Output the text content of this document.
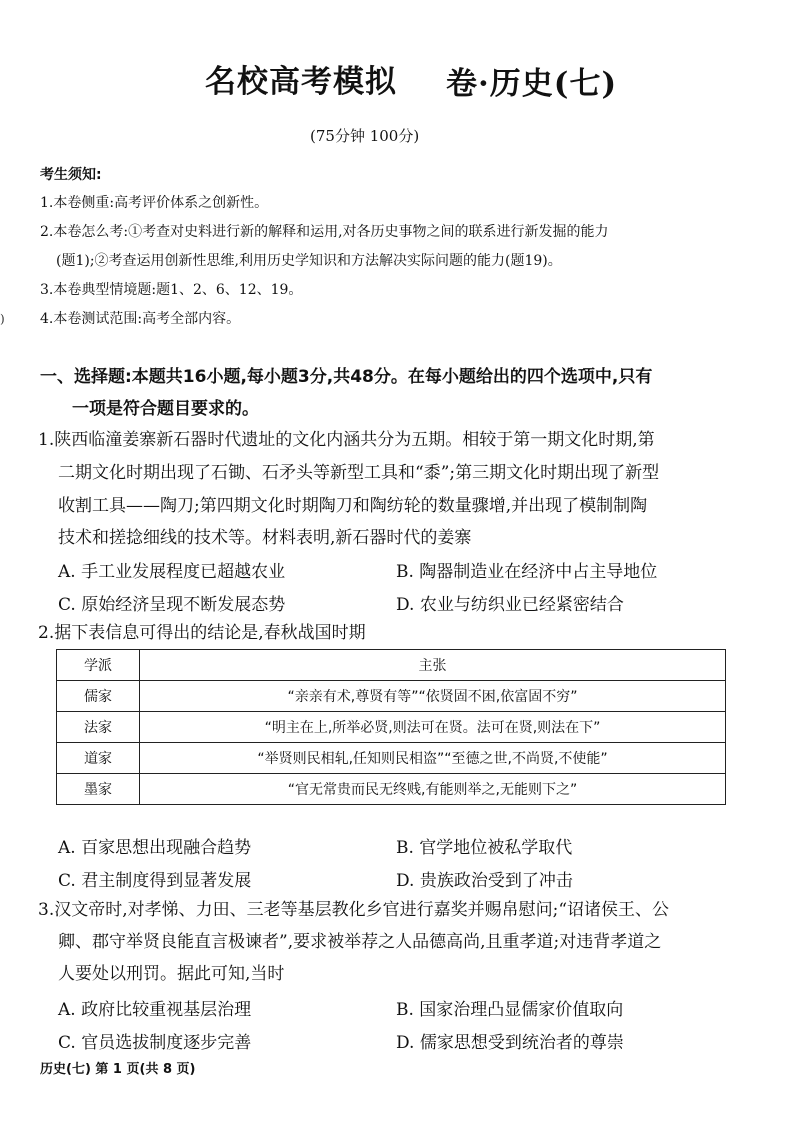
名校高考模拟 卷·历史(七)
(75分钟 100分)
考生须知:
1.本卷侧重:高考评价体系之创新性。
2.本卷怎么考:①考查对史料进行新的解释和运用,对各历史事物之间的联系进行新发掘的能力
(题1);②考查运用创新性思维,利用历史学知识和方法解决实际问题的能力(题19)。
3.本卷典型情境题:题1、2、6、12、19。
4.本卷测试范围:高考全部内容。
一、选择题:本题共16小题,每小题3分,共48分。在每小题给出的四个选项中,只有
一项是符合题目要求的。
1.陕西临潼姜寨新石器时代遗址的文化内涵共分为五期。相较于第一期文化时期,第
二期文化时期出现了石锄、石矛头等新型工具和“黍”;第三期文化时期出现了新型
收割工具——陶刀;第四期文化时期陶刀和陶纺轮的数量骤增,并出现了模制制陶
技术和搓捻细线的技术等。材料表明,新石器时代的姜寨
A. 手工业发展程度已超越农业	B. 陶器制造业在经济中占主导地位
C. 原始经济呈现不断发展态势	D. 农业与纺织业已经紧密结合
2.据下表信息可得出的结论是,春秋战国时期
学派	主张
儒家	“亲亲有术,尊贤有等”“依贤固不困,依富固不穷”
法家	“明主在上,所举必贤,则法可在贤。法可在贤,则法在下”
道家	“举贤则民相轧,任知则民相盗”“至德之世,不尚贤,不使能”
墨家	“官无常贵而民无终贱,有能则举之,无能则下之”
A. 百家思想出现融合趋势	B. 官学地位被私学取代
C. 君主制度得到显著发展	D. 贵族政治受到了冲击
3.汉文帝时,对孝悌、力田、三老等基层教化乡官进行嘉奖并赐帛慰问;“诏诸侯王、公
卿、郡守举贤良能直言极谏者”,要求被举荐之人品德高尚,且重孝道;对违背孝道之
人要处以刑罚。据此可知,当时
A. 政府比较重视基层治理	B. 国家治理凸显儒家价值取向
C. 官员选拔制度逐步完善	D. 儒家思想受到统治者的尊崇
历史(七) 第 1 页(共 8 页)
)
